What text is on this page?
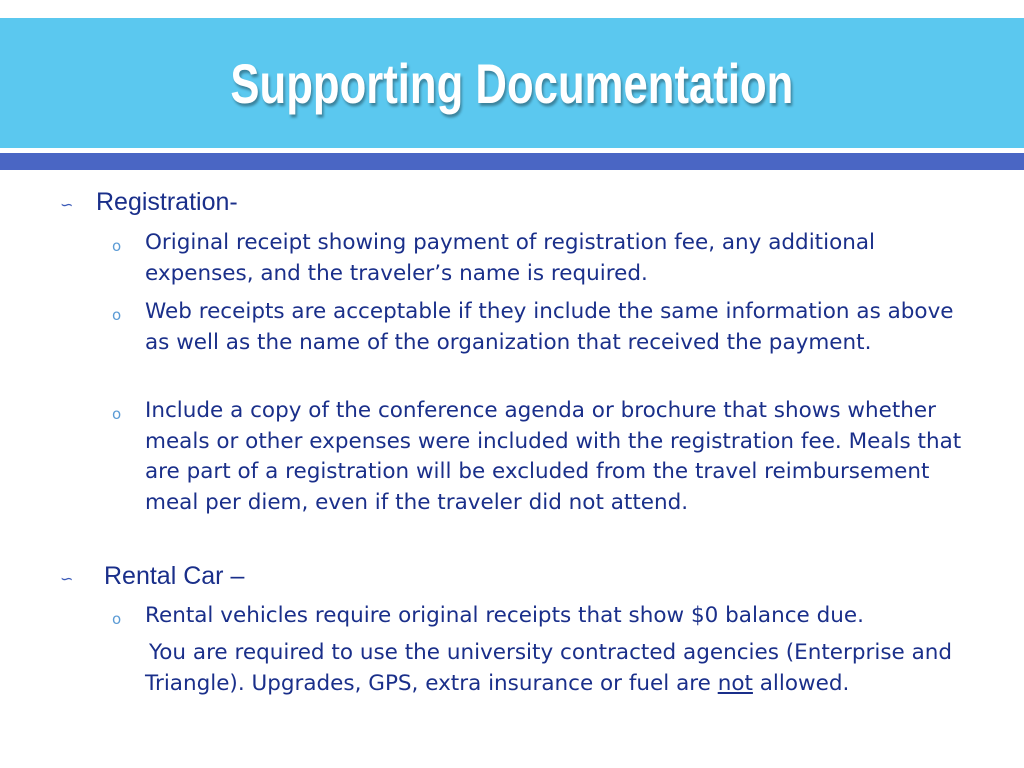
Supporting Documentation
∽ Registration-
o	Original receipt showing payment of registration fee, any additional expenses, and the traveler’s name is required.
o	Web receipts are acceptable if they include the same information as above as well as the name of the organization that received the payment.
o	Include a copy of the conference agenda or brochure that shows whether meals or other expenses were included with the registration fee. Meals that are part of a registration will be excluded from the travel reimbursement meal per diem, even if the traveler did not attend.
∽	Rental Car –
o	Rental vehicles require original receipts that show $0 balance due.
You are required to use the university contracted agencies (Enterprise and Triangle). Upgrades, GPS, extra insurance or fuel are not allowed.
